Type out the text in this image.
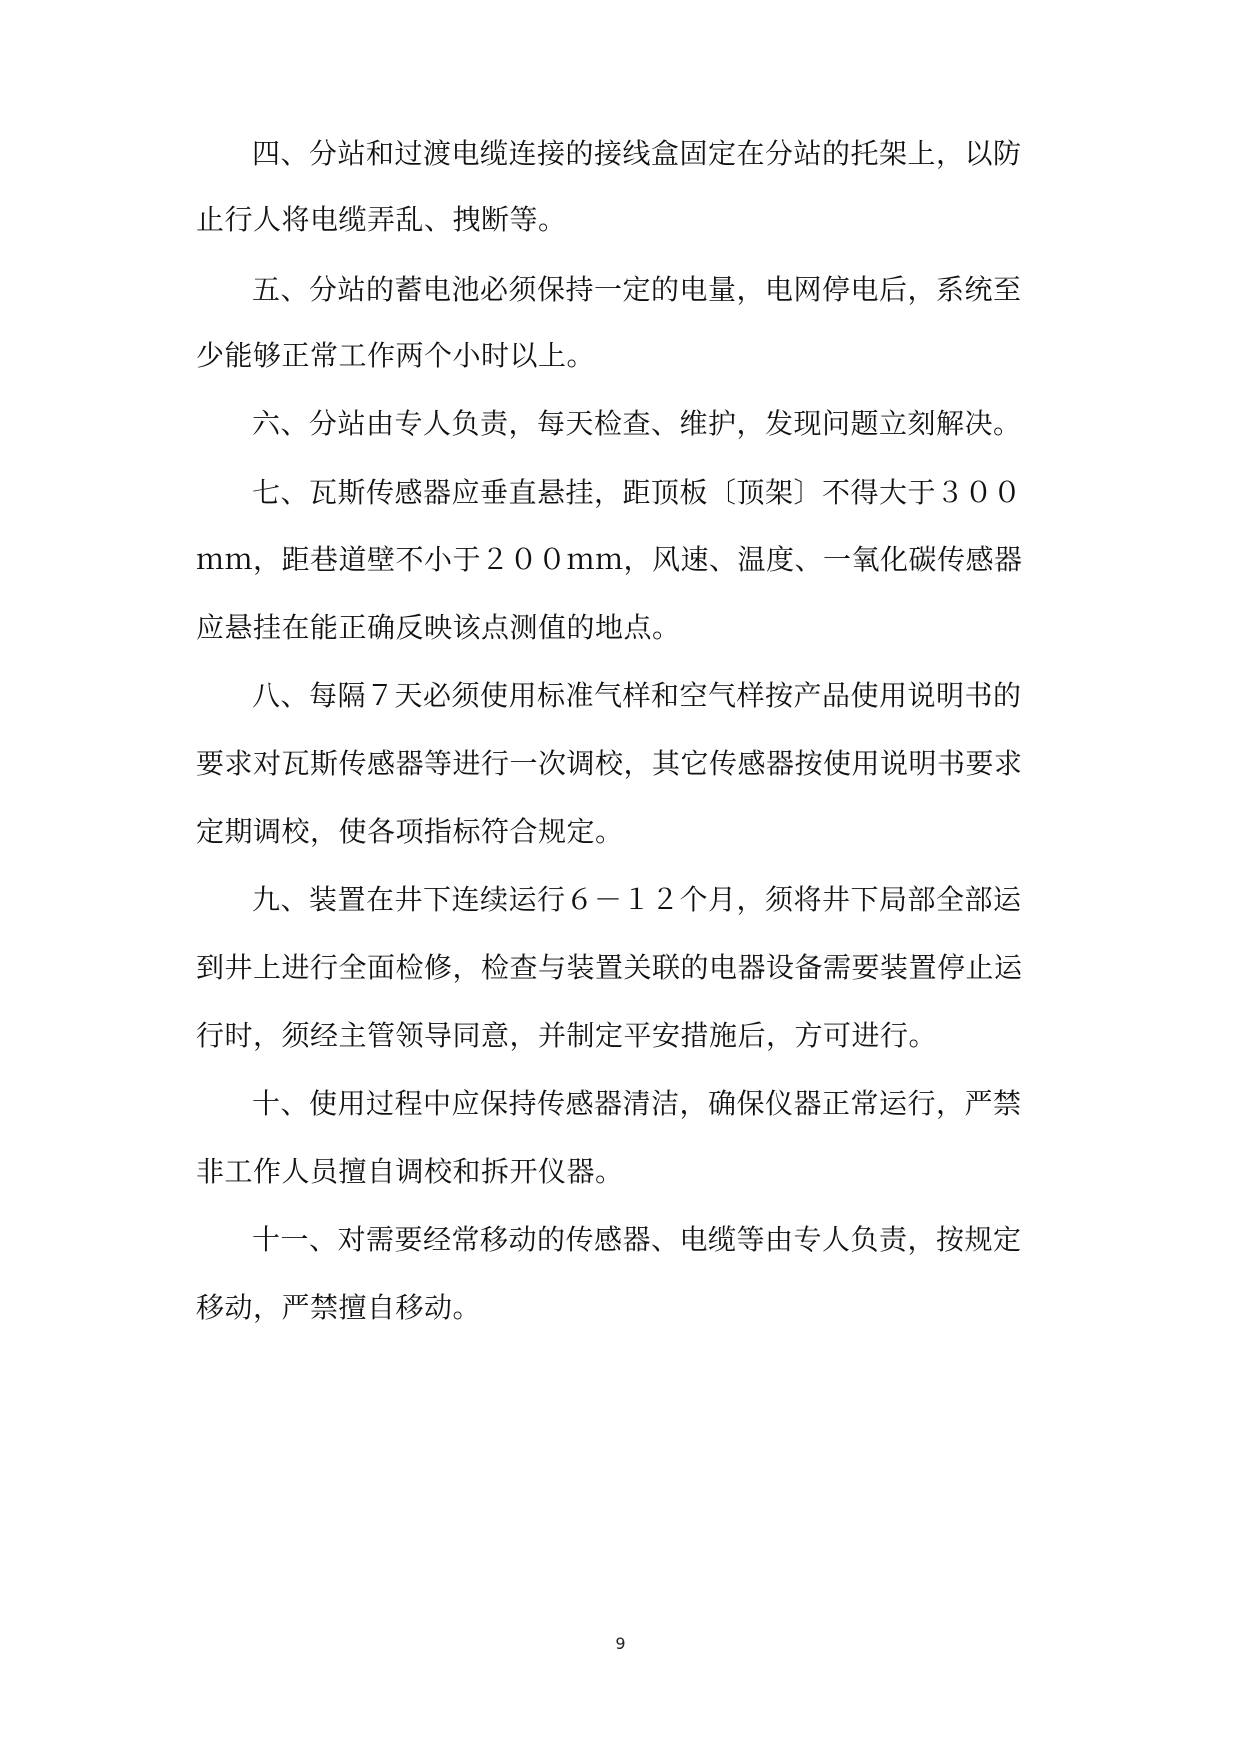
四、分站和过渡电缆连接的接线盒固定在分站的托架上，以防

止行人将电缆弄乱、拽断等。

五、分站的蓄电池必须保持一定的电量，电网停电后，系统至

少能够正常工作两个小时以上。

六、分站由专人负责，每天检查、维护，发现问题立刻解决。

七、瓦斯传感器应垂直悬挂，距顶板〔顶架〕不得大于３００

ｍｍ，距巷道壁不小于２００ｍｍ，风速、温度、一氧化碳传感器

应悬挂在能正确反映该点测值的地点。

八、每隔７天必须使用标准气样和空气样按产品使用说明书的

要求对瓦斯传感器等进行一次调校，其它传感器按使用说明书要求

定期调校，使各项指标符合规定。

九、装置在井下连续运行６－１２个月，须将井下局部全部运

到井上进行全面检修，检查与装置关联的电器设备需要装置停止运

行时，须经主管领导同意，并制定平安措施后，方可进行。

十、使用过程中应保持传感器清洁，确保仪器正常运行，严禁

非工作人员擅自调校和拆开仪器。

十一、对需要经常移动的传感器、电缆等由专人负责，按规定

移动，严禁擅自移动。

9
